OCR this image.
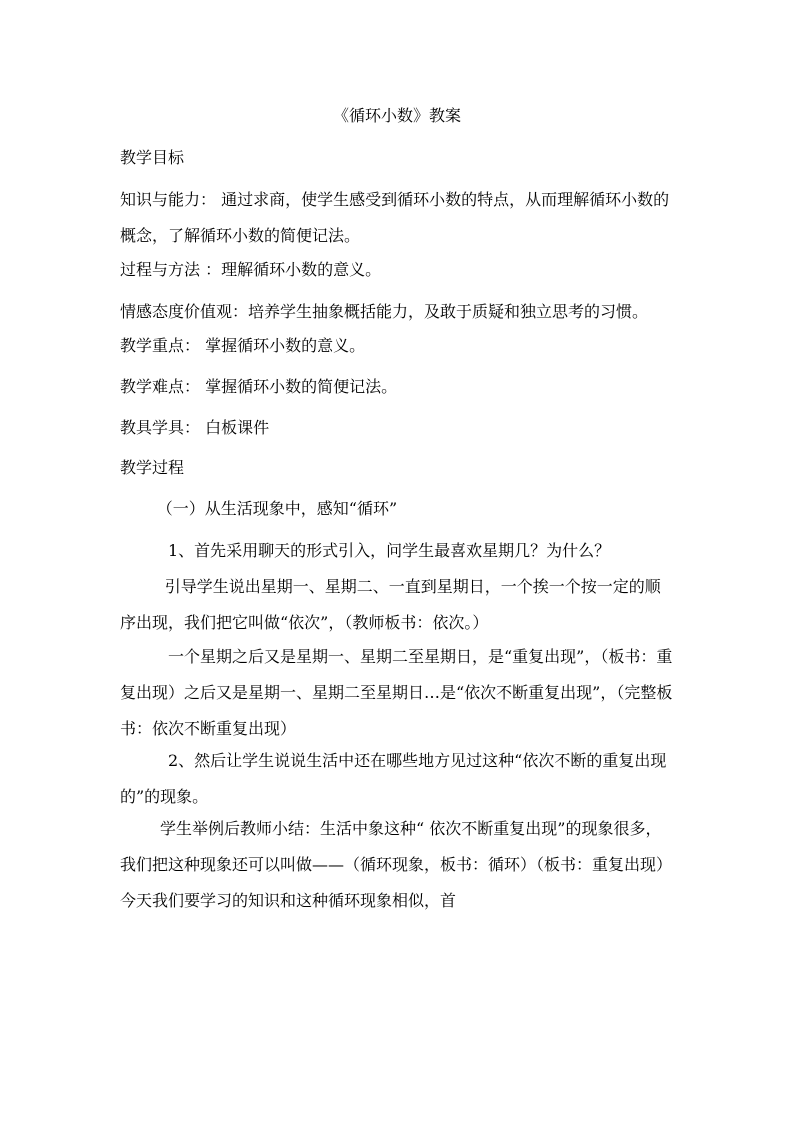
《循环小数》教案

教学目标

知识与能力： 通过求商，使学生感受到循环小数的特点，从而理解循环小数的概念，了解循环小数的简便记法。

过程与方法 ：理解循环小数的意义。

情感态度价值观：培养学生抽象概括能力，及敢于质疑和独立思考的习惯。

教学重点： 掌握循环小数的意义。

教学难点： 掌握循环小数的简便记法。

教具学具： 白板课件

教学过程

（一）从生活现象中，感知“循环”

1、首先采用聊天的形式引入，问学生最喜欢星期几？为什么？

引导学生说出星期一、星期二、一直到星期日，一个挨一个按一定的顺序出现，我们把它叫做“依次”，（教师板书：依次。）

一个星期之后又是星期一、星期二至星期日，是“重复出现”，（板书：重复出现）之后又是星期一、星期二至星期日…是“依次不断重复出现”，（完整板书：依次不断重复出现）

2、然后让学生说说生活中还在哪些地方见过这种“依次不断的重复出现的”的现象。

学生举例后教师小结：生活中象这种“ 依次不断重复出现”的现象很多，我们把这种现象还可以叫做——（循环现象，板书：循环）（板书：重复出现）今天我们要学习的知识和这种循环现象相似，首
